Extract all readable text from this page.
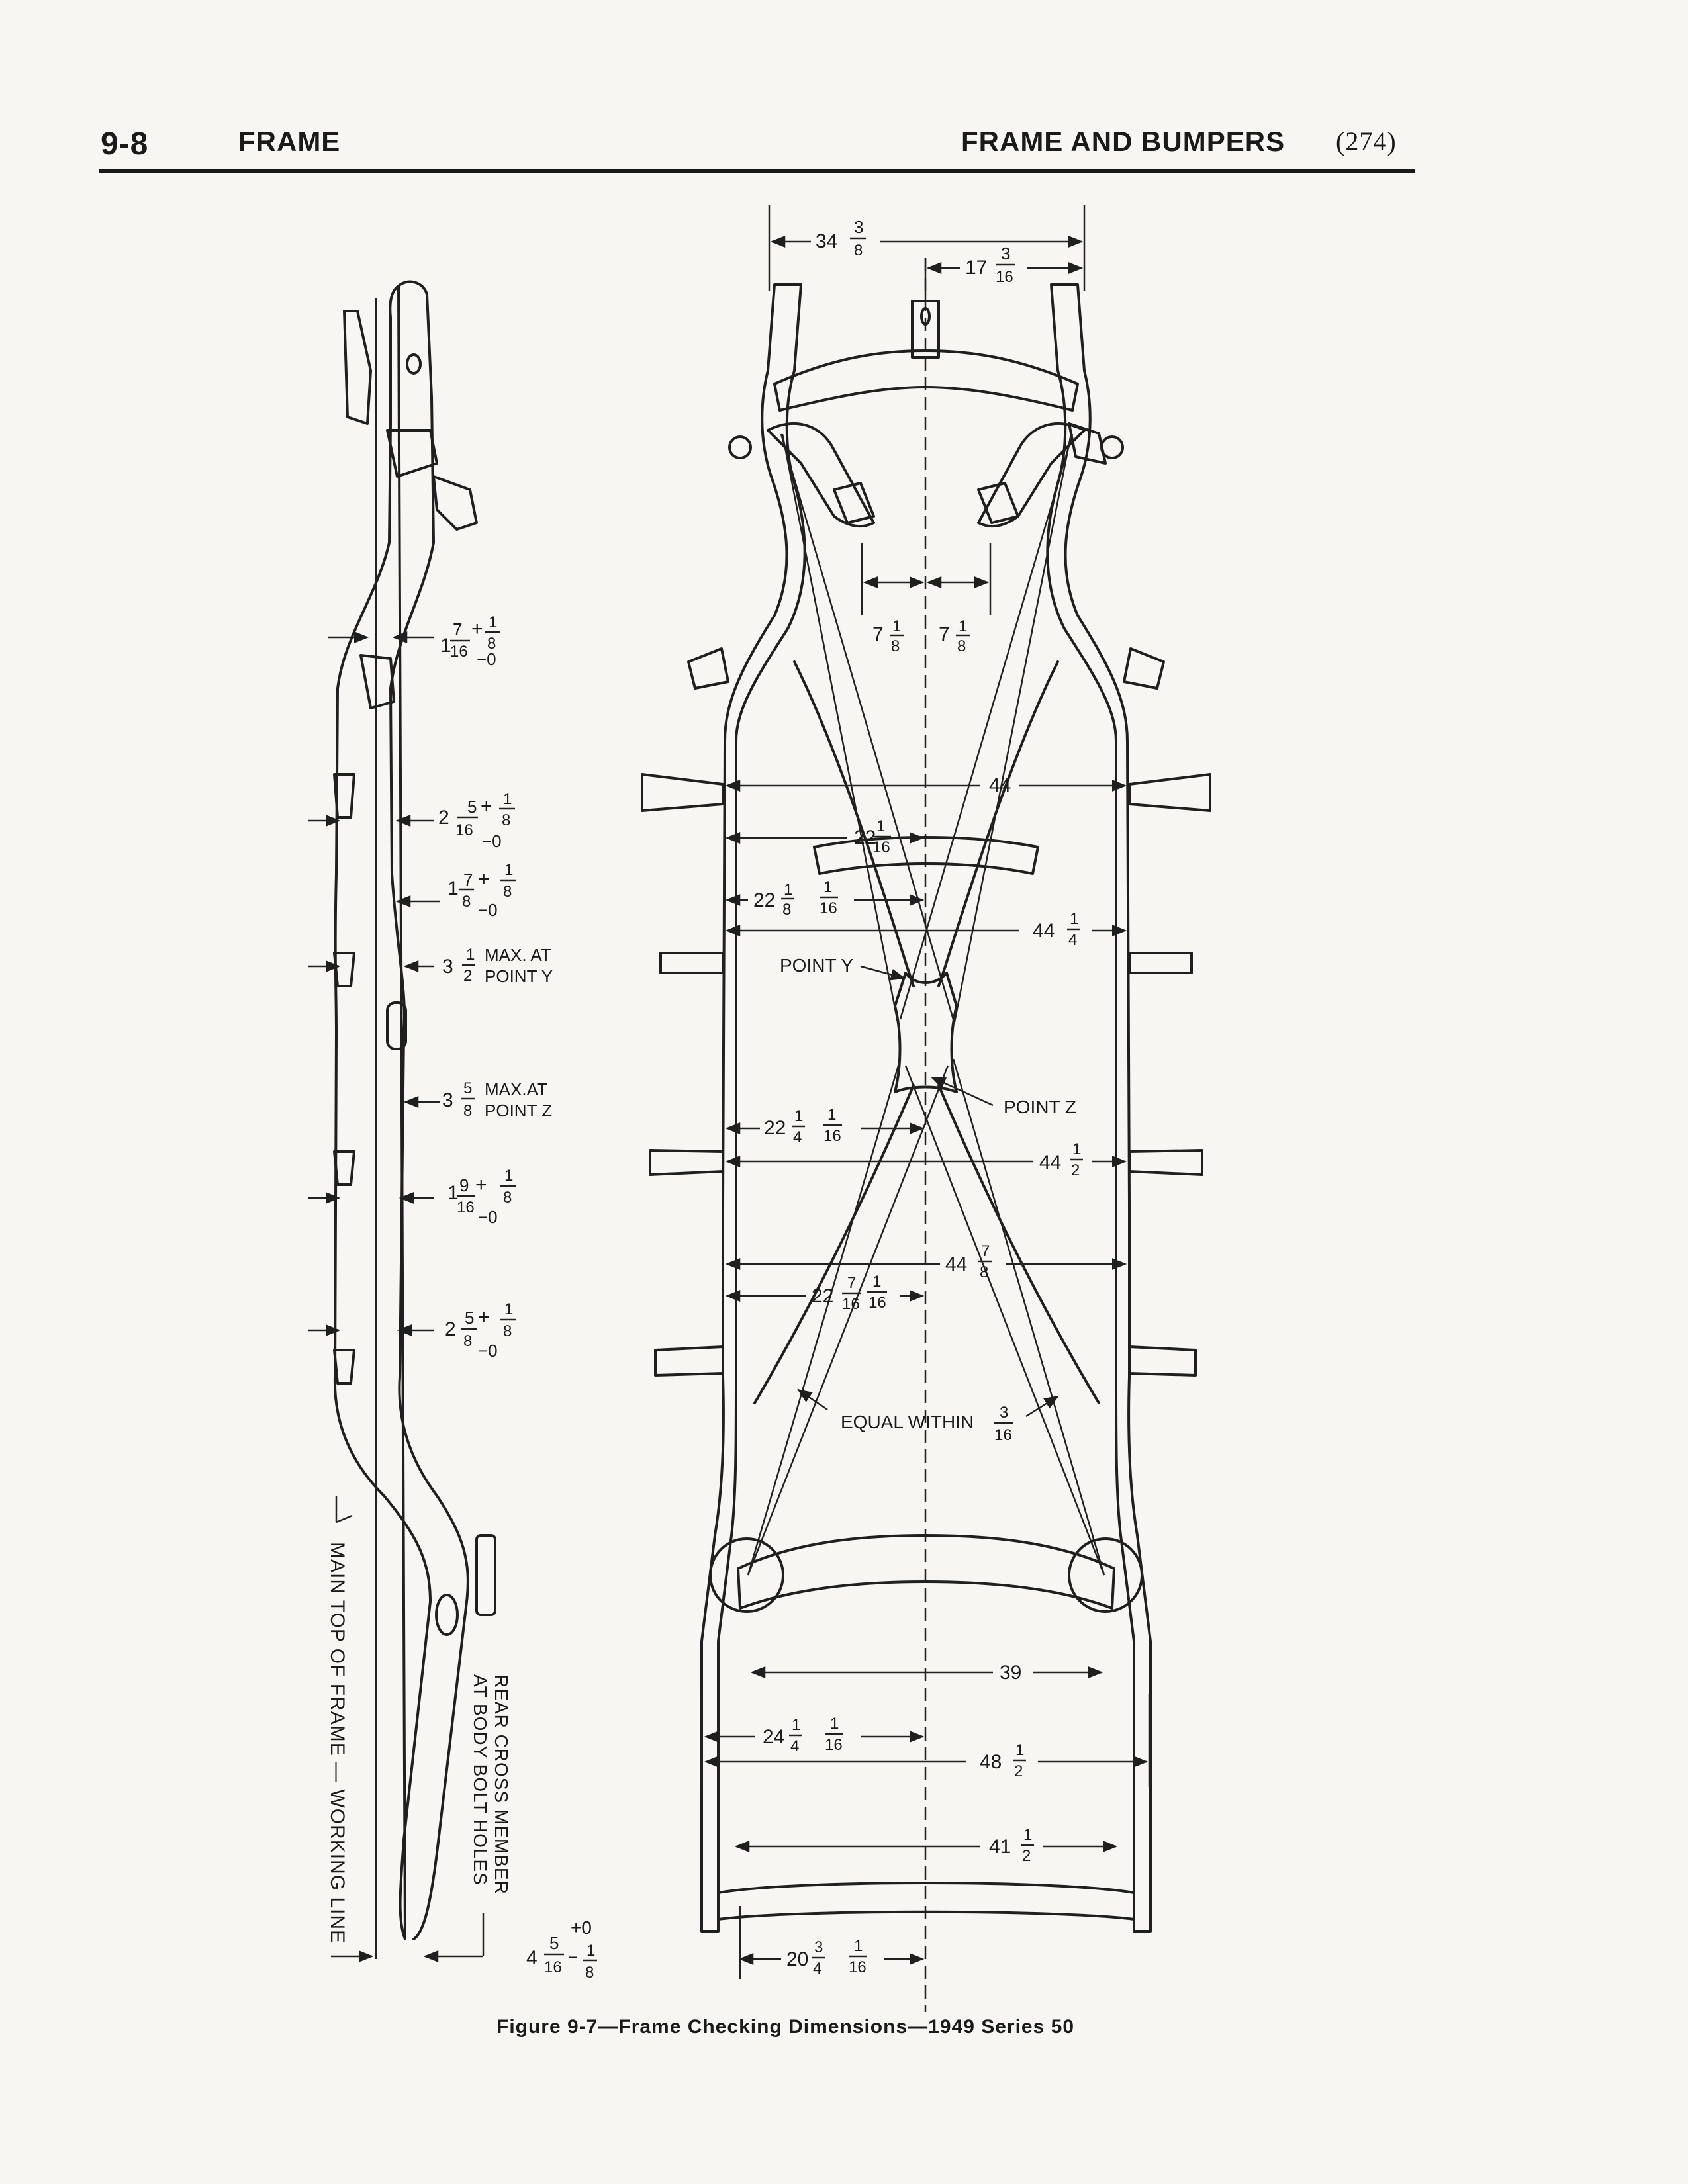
9-8	FRAME	FRAME AND BUMPERS (274)
1
7
16
+ 1
8
−0
2 5
16
+ 1
8
−0
1 7
8
+ 1
8
−0
3
1
2
MAX. AT
POINT Y
3
5
8
MAX.AT
POINT Z
1 9
16
+ 1
8
−0
2
5
8
+ 1
8
−0
4
5
16
+0
− 1
8
MAIN TOP OF FRAME — WORKING LINE	REAR CROSS MEMBER
AT BODY BOLT HOLES
34
3
8
17
3
16
7 1
8
7 1
8
44
22
1
16
22 1
8
1
16
44
1
4
POINT Y
POINT Z
22
1
4
1
16
44
1
2
44
7
8
22
7
16
1
16
EQUAL WITHIN 3
16
39
24
1
4
1
16
48
1
2
41
1
2
20
3
4
1
16
Figure 9-7—Frame Checking Dimensions—1949 Series 50
